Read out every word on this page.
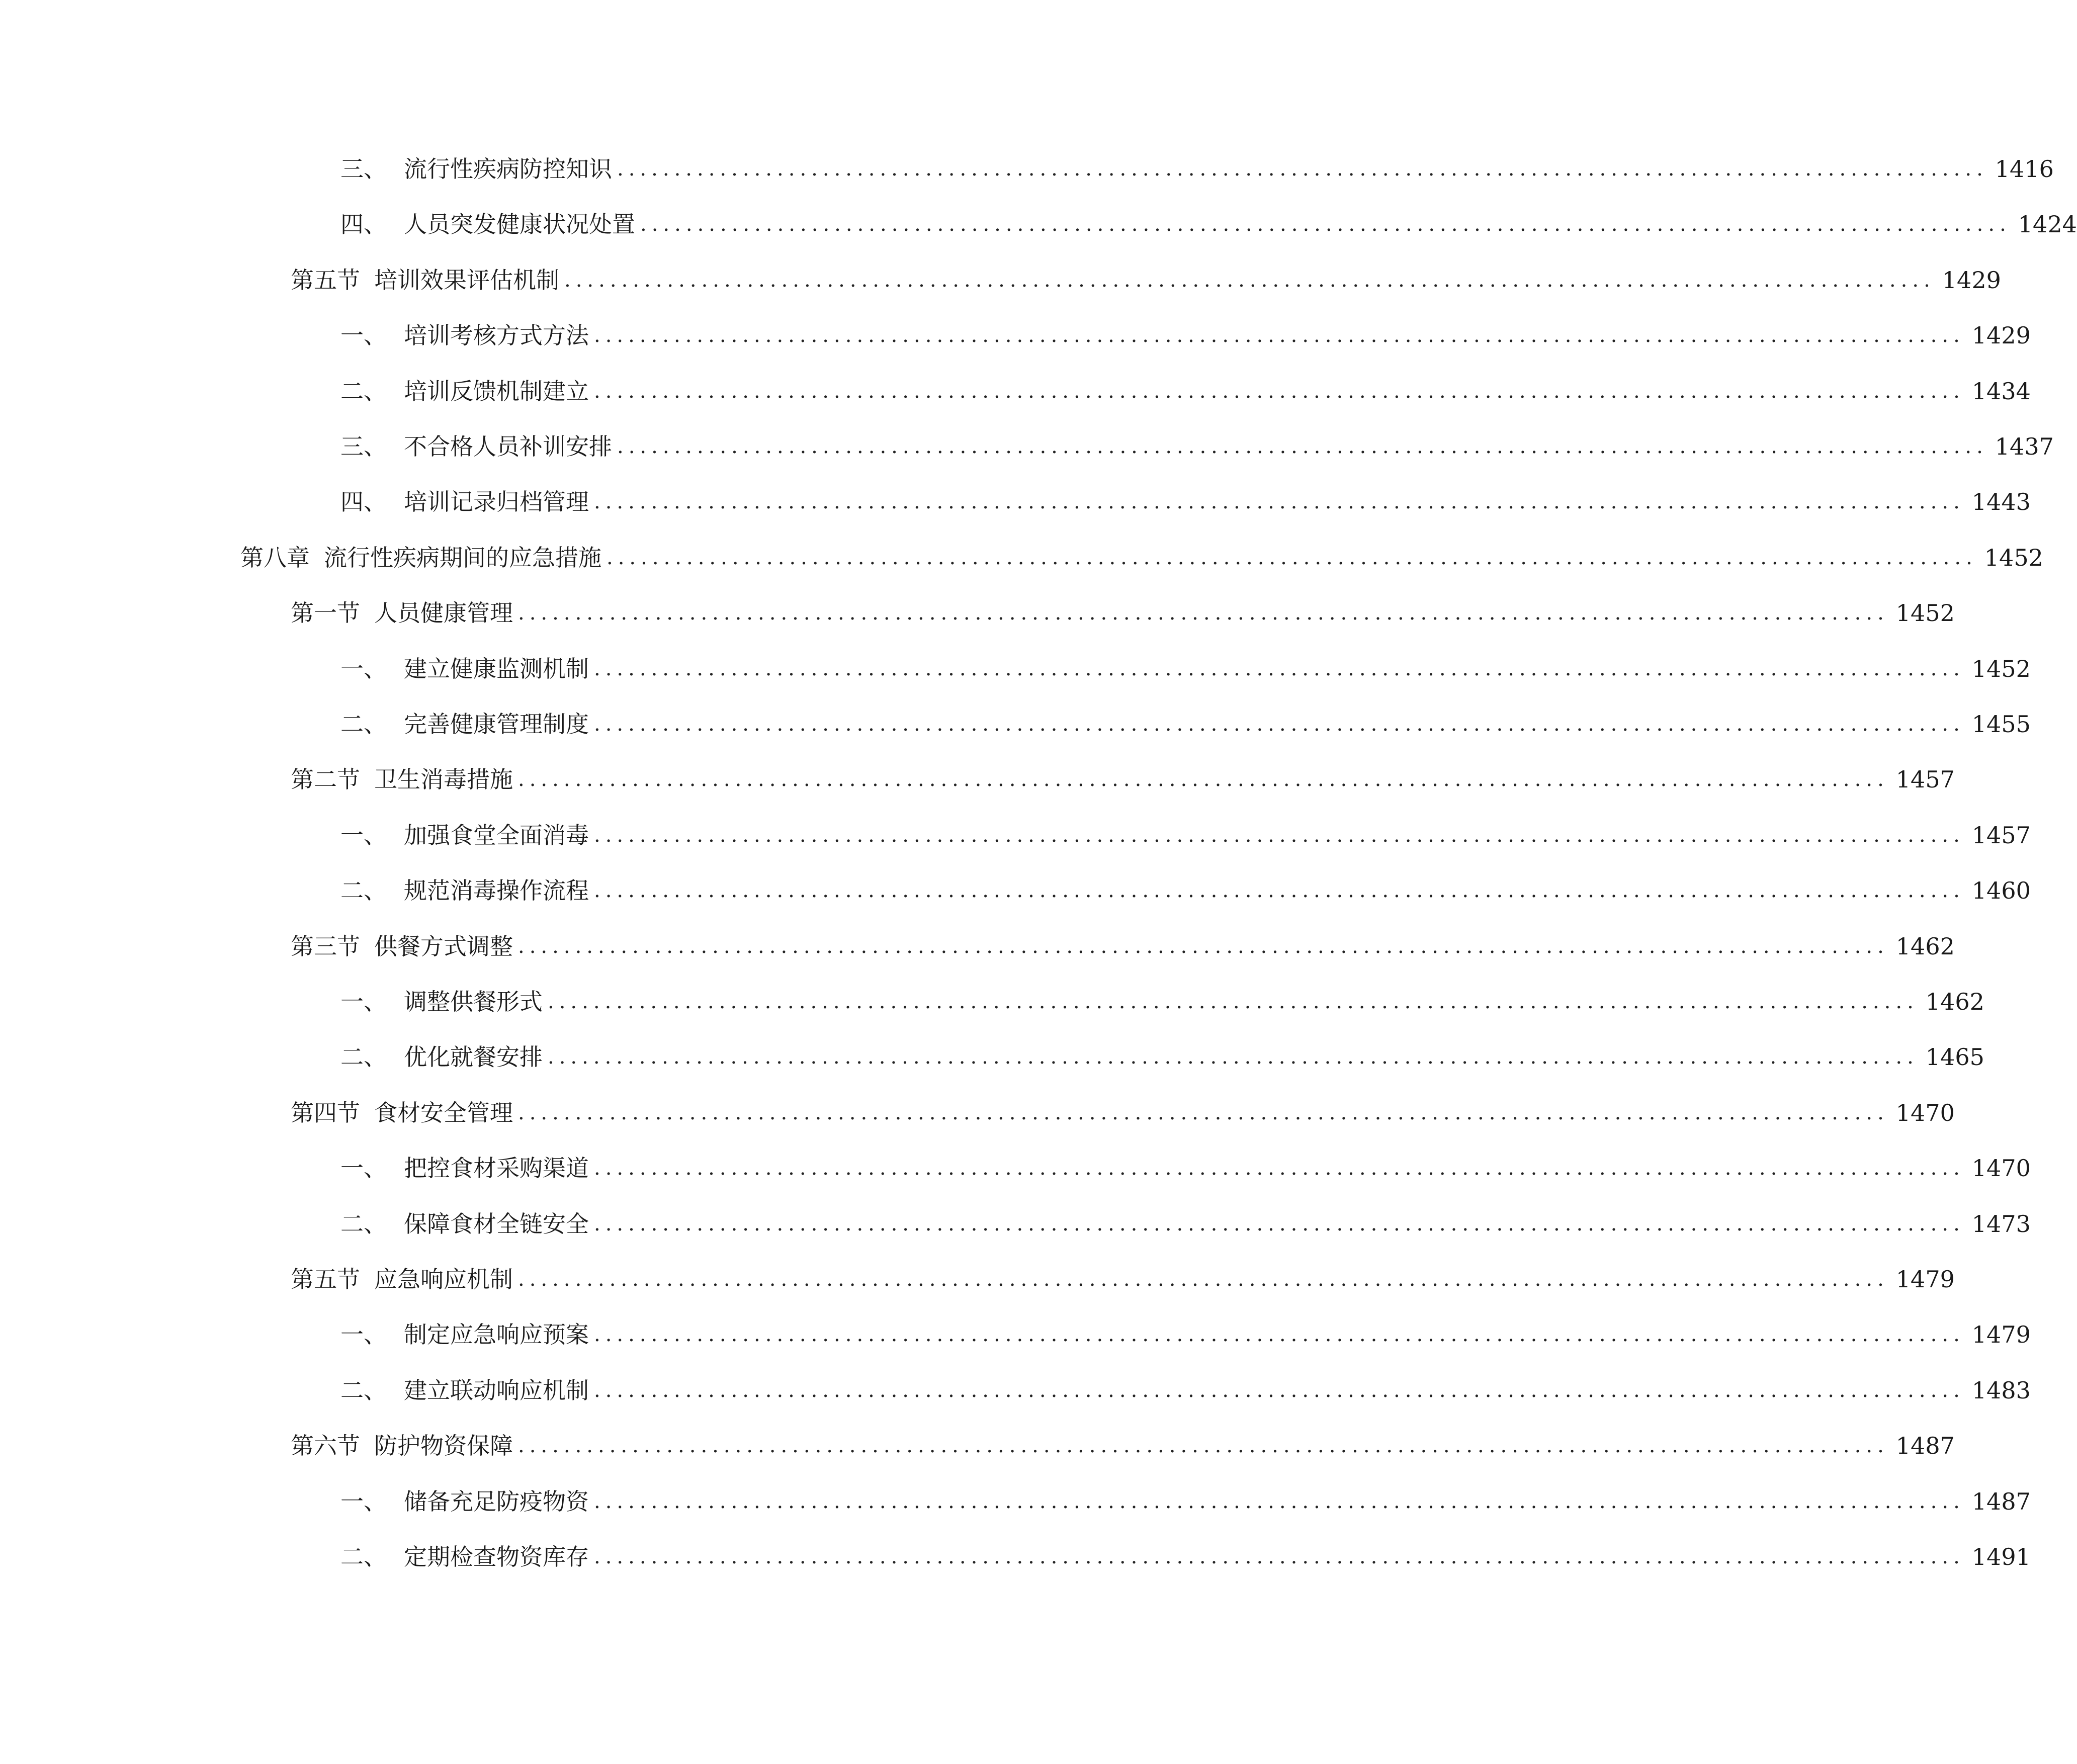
三、 流行性疾病防控知识 ........................................................................................................................ 1416
四、 人员突发健康状况处置 ........................................................................................................................ 1424
第五节 培训效果评估机制 ........................................................................................................................ 1429
一、 培训考核方式方法 ........................................................................................................................ 1429
二、 培训反馈机制建立 ........................................................................................................................ 1434
三、 不合格人员补训安排 ........................................................................................................................ 1437
四、 培训记录归档管理 ........................................................................................................................ 1443
第八章 流行性疾病期间的应急措施 ........................................................................................................................ 1452
第一节 人员健康管理 ........................................................................................................................ 1452
一、 建立健康监测机制 ........................................................................................................................ 1452
二、 完善健康管理制度 ........................................................................................................................ 1455
第二节 卫生消毒措施 ........................................................................................................................ 1457
一、 加强食堂全面消毒 ........................................................................................................................ 1457
二、 规范消毒操作流程 ........................................................................................................................ 1460
第三节 供餐方式调整 ........................................................................................................................ 1462
一、 调整供餐形式 ........................................................................................................................ 1462
二、 优化就餐安排 ........................................................................................................................ 1465
第四节 食材安全管理 ........................................................................................................................ 1470
一、 把控食材采购渠道 ........................................................................................................................ 1470
二、 保障食材全链安全 ........................................................................................................................ 1473
第五节 应急响应机制 ........................................................................................................................ 1479
一、 制定应急响应预案 ........................................................................................................................ 1479
二、 建立联动响应机制 ........................................................................................................................ 1483
第六节 防护物资保障 ........................................................................................................................ 1487
一、 储备充足防疫物资 ........................................................................................................................ 1487
二、 定期检查物资库存 ........................................................................................................................ 1491
